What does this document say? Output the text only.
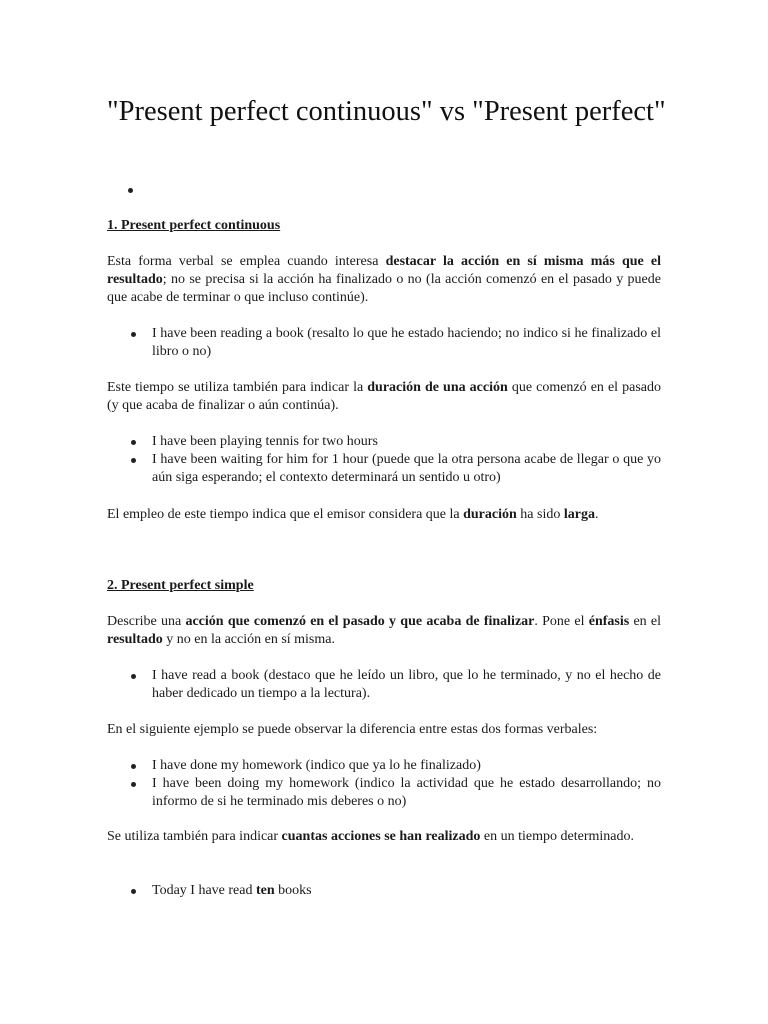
"Present perfect continuous" vs "Present perfect"

1. Present perfect continuous

Esta forma verbal se emplea cuando interesa destacar la acción en sí misma más que el resultado; no se precisa si la acción ha finalizado o no (la acción comenzó en el pasado y puede que acabe de terminar o que incluso continúe).

I have been reading a book (resalto lo que he estado haciendo; no indico si he finalizado el libro o no)

Este tiempo se utiliza también para indicar la duración de una acción que comenzó en el pasado (y que acaba de finalizar o aún continúa).

I have been playing tennis for two hours
I have been waiting for him for 1 hour (puede que la otra persona acabe de llegar o que yo aún siga esperando; el contexto determinará un sentido u otro)

El empleo de este tiempo indica que el emisor considera que la duración ha sido larga.

2. Present perfect simple

Describe una acción que comenzó en el pasado y que acaba de finalizar. Pone el énfasis en el resultado y no en la acción en sí misma.

I have read a book (destaco que he leído un libro, que lo he terminado, y no el hecho de haber dedicado un tiempo a la lectura).

En el siguiente ejemplo se puede observar la diferencia entre estas dos formas verbales:

I have done my homework (indico que ya lo he finalizado)
I have been doing my homework (indico la actividad que he estado desarrollando; no informo de si he terminado mis deberes o no)

Se utiliza también para indicar cuantas acciones se han realizado en un tiempo determinado.

Today I have read ten books
